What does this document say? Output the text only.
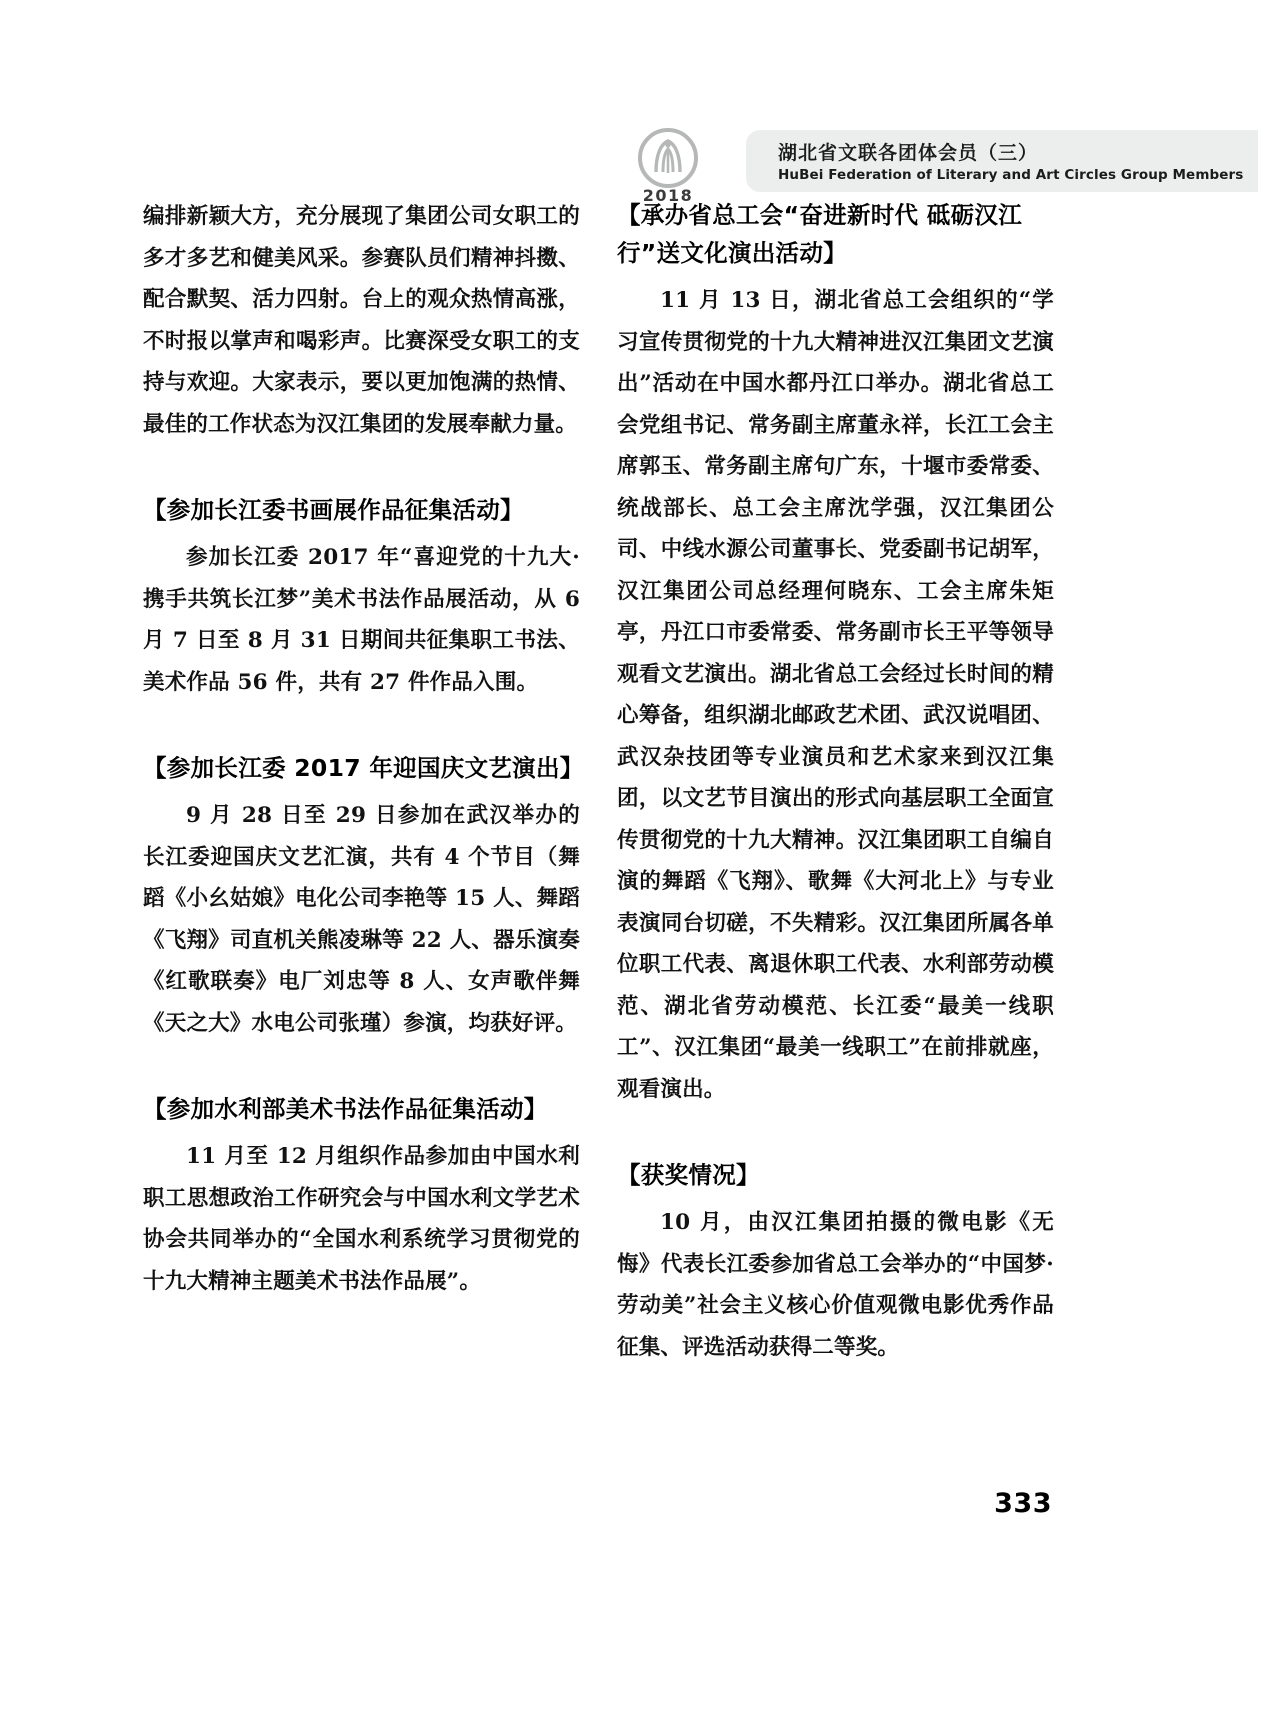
2018
湖北省文联各团体会员（三）
HuBei Federation of Literary and Art Circles Group Members

编排新颖大方，充分展现了集团公司女职工的多才多艺和健美风采。参赛队员们精神抖擞、配合默契、活力四射。台上的观众热情高涨，不时报以掌声和喝彩声。比赛深受女职工的支持与欢迎。大家表示，要以更加饱满的热情、最佳的工作状态为汉江集团的发展奉献力量。

【参加长江委书画展作品征集活动】

参加长江委 2017 年“喜迎党的十九大·携手共筑长江梦”美术书法作品展活动，从 6 月 7 日至 8 月 31 日期间共征集职工书法、美术作品 56 件，共有 27 件作品入围。

【参加长江委 2017 年迎国庆文艺演出】

9 月 28 日至 29 日参加在武汉举办的长江委迎国庆文艺汇演，共有 4 个节目（舞蹈《小幺姑娘》电化公司李艳等 15 人、舞蹈《飞翔》司直机关熊凌琳等 22 人、器乐演奏《红歌联奏》电厂刘忠等 8 人、女声歌伴舞《天之大》水电公司张瑾）参演，均获好评。

【参加水利部美术书法作品征集活动】

11 月至 12 月组织作品参加由中国水利职工思想政治工作研究会与中国水利文学艺术协会共同举办的“全国水利系统学习贯彻党的十九大精神主题美术书法作品展”。

【承办省总工会“奋进新时代 砥砺汉江行”送文化演出活动】

11 月 13 日，湖北省总工会组织的“学习宣传贯彻党的十九大精神进汉江集团文艺演出”活动在中国水都丹江口举办。湖北省总工会党组书记、常务副主席董永祥，长江工会主席郭玉、常务副主席句广东，十堰市委常委、统战部长、总工会主席沈学强，汉江集团公司、中线水源公司董事长、党委副书记胡军，汉江集团公司总经理何晓东、工会主席朱矩亭，丹江口市委常委、常务副市长王平等领导观看文艺演出。湖北省总工会经过长时间的精心筹备，组织湖北邮政艺术团、武汉说唱团、武汉杂技团等专业演员和艺术家来到汉江集团，以文艺节目演出的形式向基层职工全面宣传贯彻党的十九大精神。汉江集团职工自编自演的舞蹈《飞翔》、歌舞《大河北上》与专业表演同台切磋，不失精彩。汉江集团所属各单位职工代表、离退休职工代表、水利部劳动模范、湖北省劳动模范、长江委“最美一线职工”、汉江集团“最美一线职工”在前排就座，观看演出。

【获奖情况】

10 月，由汉江集团拍摄的微电影《无悔》代表长江委参加省总工会举办的“中国梦·劳动美”社会主义核心价值观微电影优秀作品征集、评选活动获得二等奖。

333
